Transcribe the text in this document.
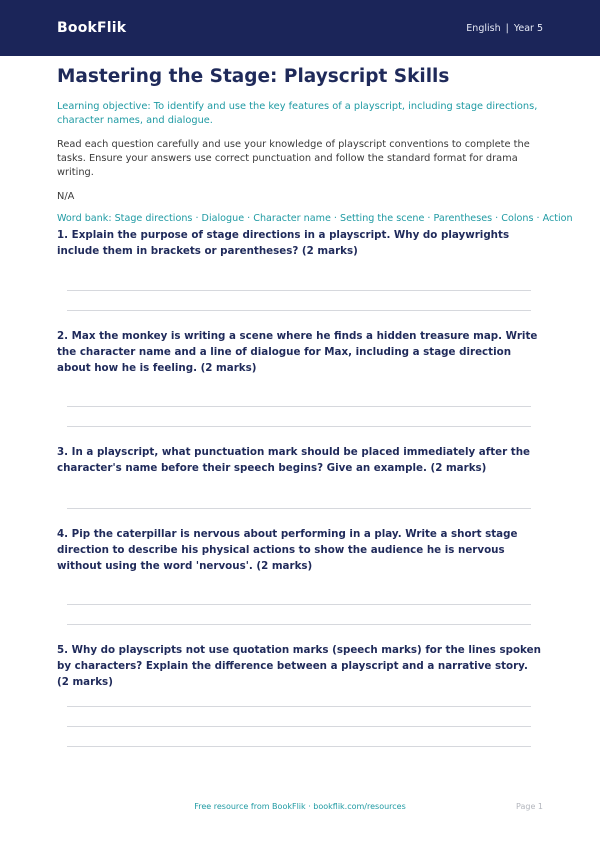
BookFlik	English | Year 5
Mastering the Stage: Playscript Skills
Learning objective: To identify and use the key features of a playscript, including stage directions, character names, and dialogue.
Read each question carefully and use your knowledge of playscript conventions to complete the tasks. Ensure your answers use correct punctuation and follow the standard format for drama writing.
N/A
Word bank: Stage directions · Dialogue · Character name · Setting the scene · Parentheses · Colons · Action
1. Explain the purpose of stage directions in a playscript. Why do playwrights include them in brackets or parentheses? (2 marks)
2. Max the monkey is writing a scene where he finds a hidden treasure map. Write the character name and a line of dialogue for Max, including a stage direction about how he is feeling. (2 marks)
3. In a playscript, what punctuation mark should be placed immediately after the character's name before their speech begins? Give an example. (2 marks)
4. Pip the caterpillar is nervous about performing in a play. Write a short stage direction to describe his physical actions to show the audience he is nervous without using the word 'nervous'. (2 marks)
5. Why do playscripts not use quotation marks (speech marks) for the lines spoken by characters? Explain the difference between a playscript and a narrative story. (2 marks)
Free resource from BookFlik · bookflik.com/resources	Page 1
